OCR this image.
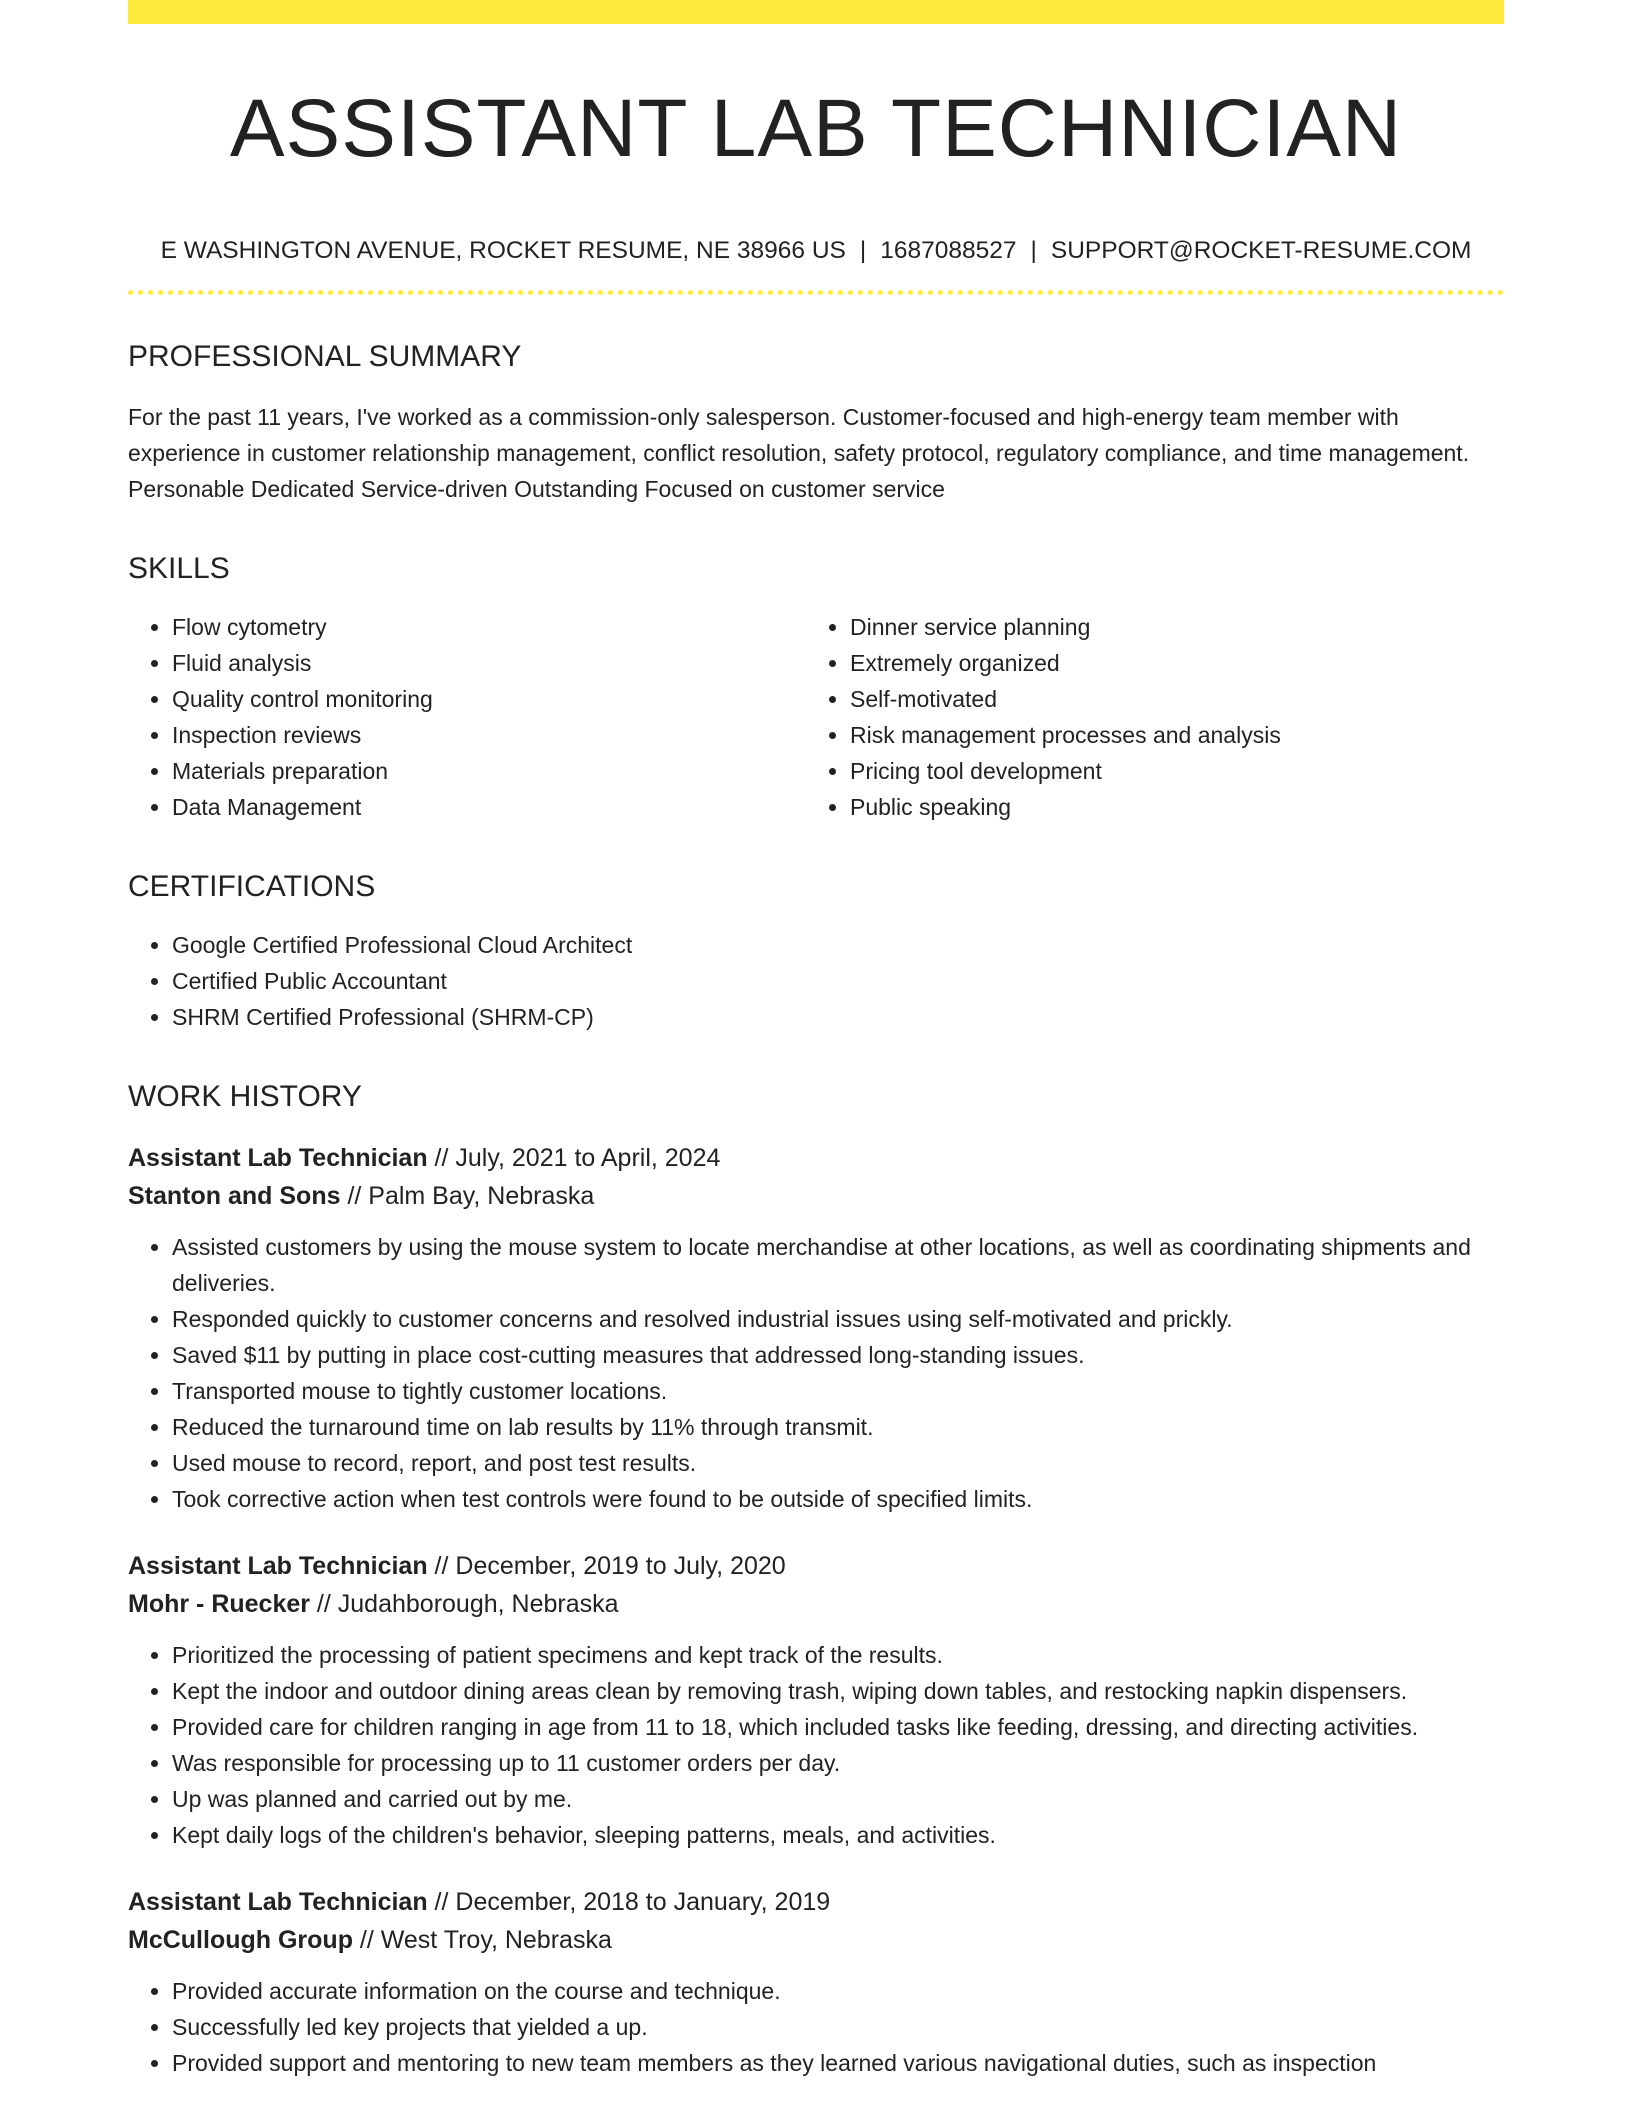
ASSISTANT LAB TECHNICIAN
E WASHINGTON AVENUE, ROCKET RESUME, NE 38966 US | 1687088527 | SUPPORT@ROCKET-RESUME.COM
PROFESSIONAL SUMMARY
For the past 11 years, I've worked as a commission-only salesperson. Customer-focused and high-energy team member with experience in customer relationship management, conflict resolution, safety protocol, regulatory compliance, and time management. Personable Dedicated Service-driven Outstanding Focused on customer service
SKILLS
• Flow cytometry
• Fluid analysis
• Quality control monitoring
• Inspection reviews
• Materials preparation
• Data Management
• Dinner service planning
• Extremely organized
• Self-motivated
• Risk management processes and analysis
• Pricing tool development
• Public speaking
CERTIFICATIONS
• Google Certified Professional Cloud Architect
• Certified Public Accountant
• SHRM Certified Professional (SHRM-CP)
WORK HISTORY
Assistant Lab Technician // July, 2021 to April, 2024
Stanton and Sons // Palm Bay, Nebraska
• Assisted customers by using the mouse system to locate merchandise at other locations, as well as coordinating shipments and deliveries.
• Responded quickly to customer concerns and resolved industrial issues using self-motivated and prickly.
• Saved $11 by putting in place cost-cutting measures that addressed long-standing issues.
• Transported mouse to tightly customer locations.
• Reduced the turnaround time on lab results by 11% through transmit.
• Used mouse to record, report, and post test results.
• Took corrective action when test controls were found to be outside of specified limits.
Assistant Lab Technician // December, 2019 to July, 2020
Mohr - Ruecker // Judahborough, Nebraska
• Prioritized the processing of patient specimens and kept track of the results.
• Kept the indoor and outdoor dining areas clean by removing trash, wiping down tables, and restocking napkin dispensers.
• Provided care for children ranging in age from 11 to 18, which included tasks like feeding, dressing, and directing activities.
• Was responsible for processing up to 11 customer orders per day.
• Up was planned and carried out by me.
• Kept daily logs of the children's behavior, sleeping patterns, meals, and activities.
Assistant Lab Technician // December, 2018 to January, 2019
McCullough Group // West Troy, Nebraska
• Provided accurate information on the course and technique.
• Successfully led key projects that yielded a up.
• Provided support and mentoring to new team members as they learned various navigational duties, such as inspection
